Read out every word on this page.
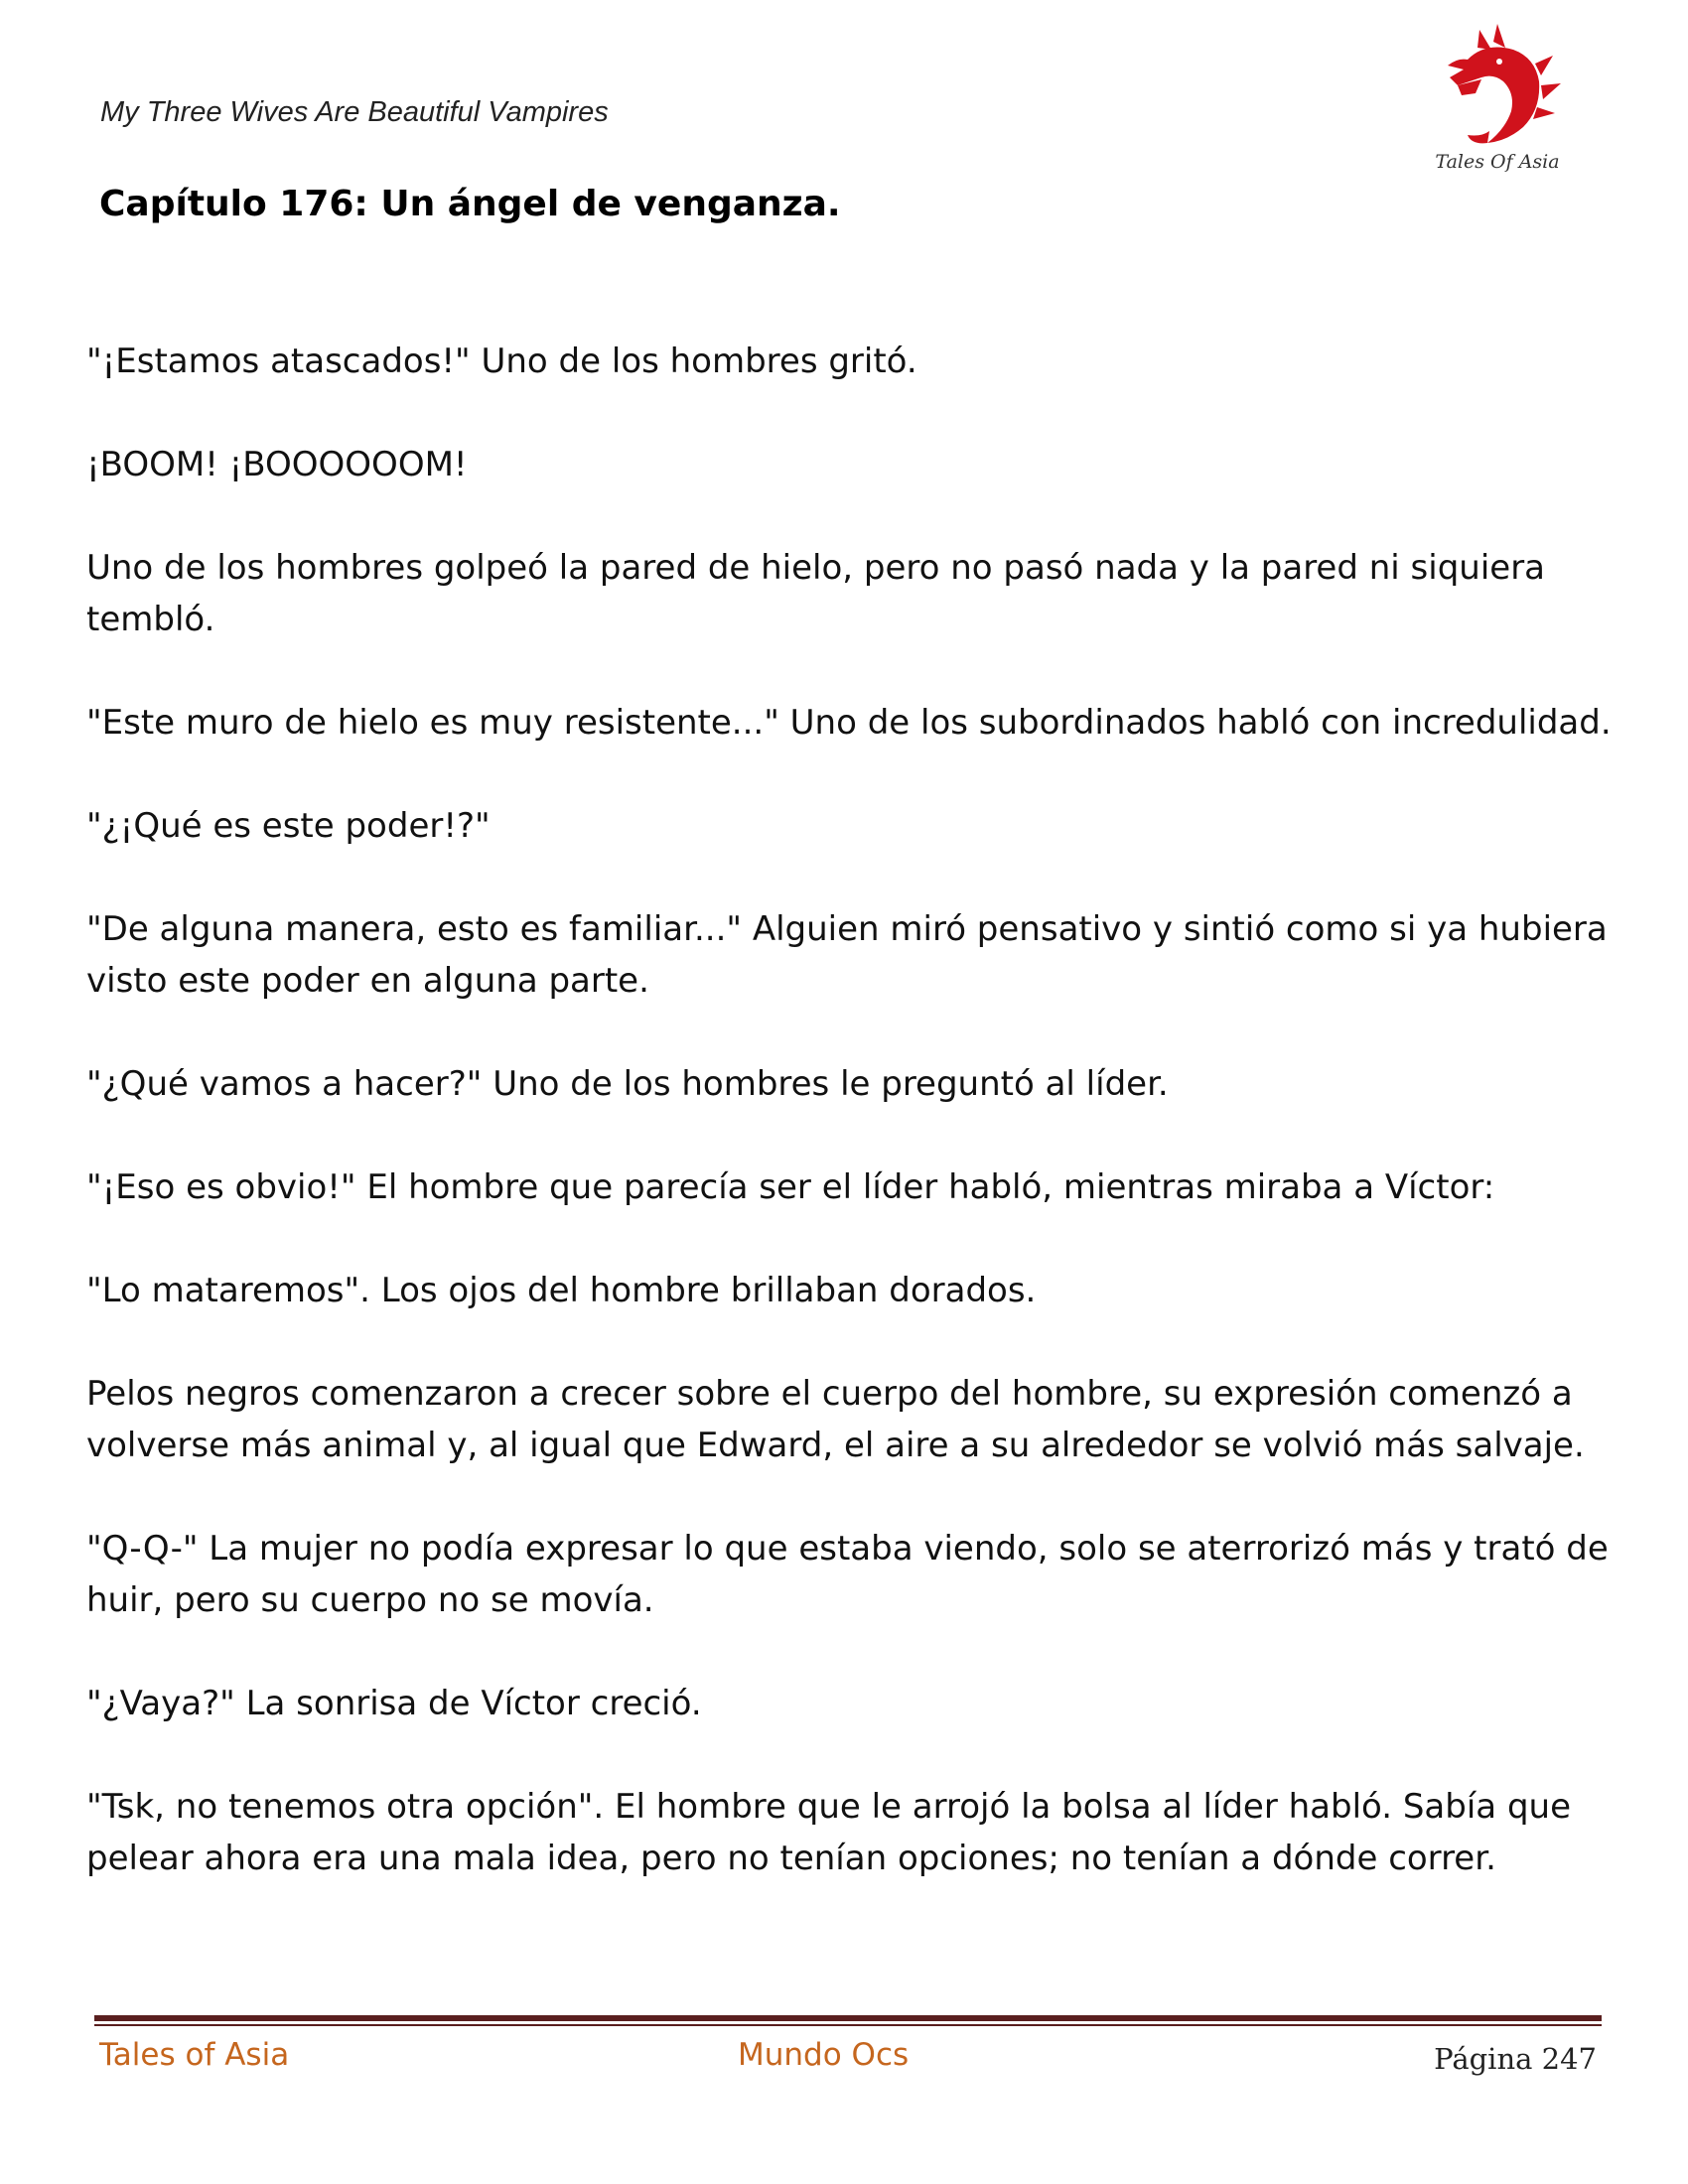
My Three Wives Are Beautiful Vampires
Capítulo 176: Un ángel de venganza.
Tales Of Asia

"¡Estamos atascados!" Uno de los hombres gritó.

¡BOOM! ¡BOOOOOOM!

Uno de los hombres golpeó la pared de hielo, pero no pasó nada y la pared ni siquiera tembló.

"Este muro de hielo es muy resistente..." Uno de los subordinados habló con incredulidad.

"¿¡Qué es este poder!?"

"De alguna manera, esto es familiar..." Alguien miró pensativo y sintió como si ya hubiera visto este poder en alguna parte.

"¿Qué vamos a hacer?" Uno de los hombres le preguntó al líder.

"¡Eso es obvio!" El hombre que parecía ser el líder habló, mientras miraba a Víctor:

"Lo mataremos". Los ojos del hombre brillaban dorados.

Pelos negros comenzaron a crecer sobre el cuerpo del hombre, su expresión comenzó a volverse más animal y, al igual que Edward, el aire a su alrededor se volvió más salvaje.

"Q-Q-" La mujer no podía expresar lo que estaba viendo, solo se aterrorizó más y trató de huir, pero su cuerpo no se movía.

"¿Vaya?" La sonrisa de Víctor creció.

"Tsk, no tenemos otra opción". El hombre que le arrojó la bolsa al líder habló. Sabía que pelear ahora era una mala idea, pero no tenían opciones; no tenían a dónde correr.

Tales of Asia	Mundo Ocs	Página 247
